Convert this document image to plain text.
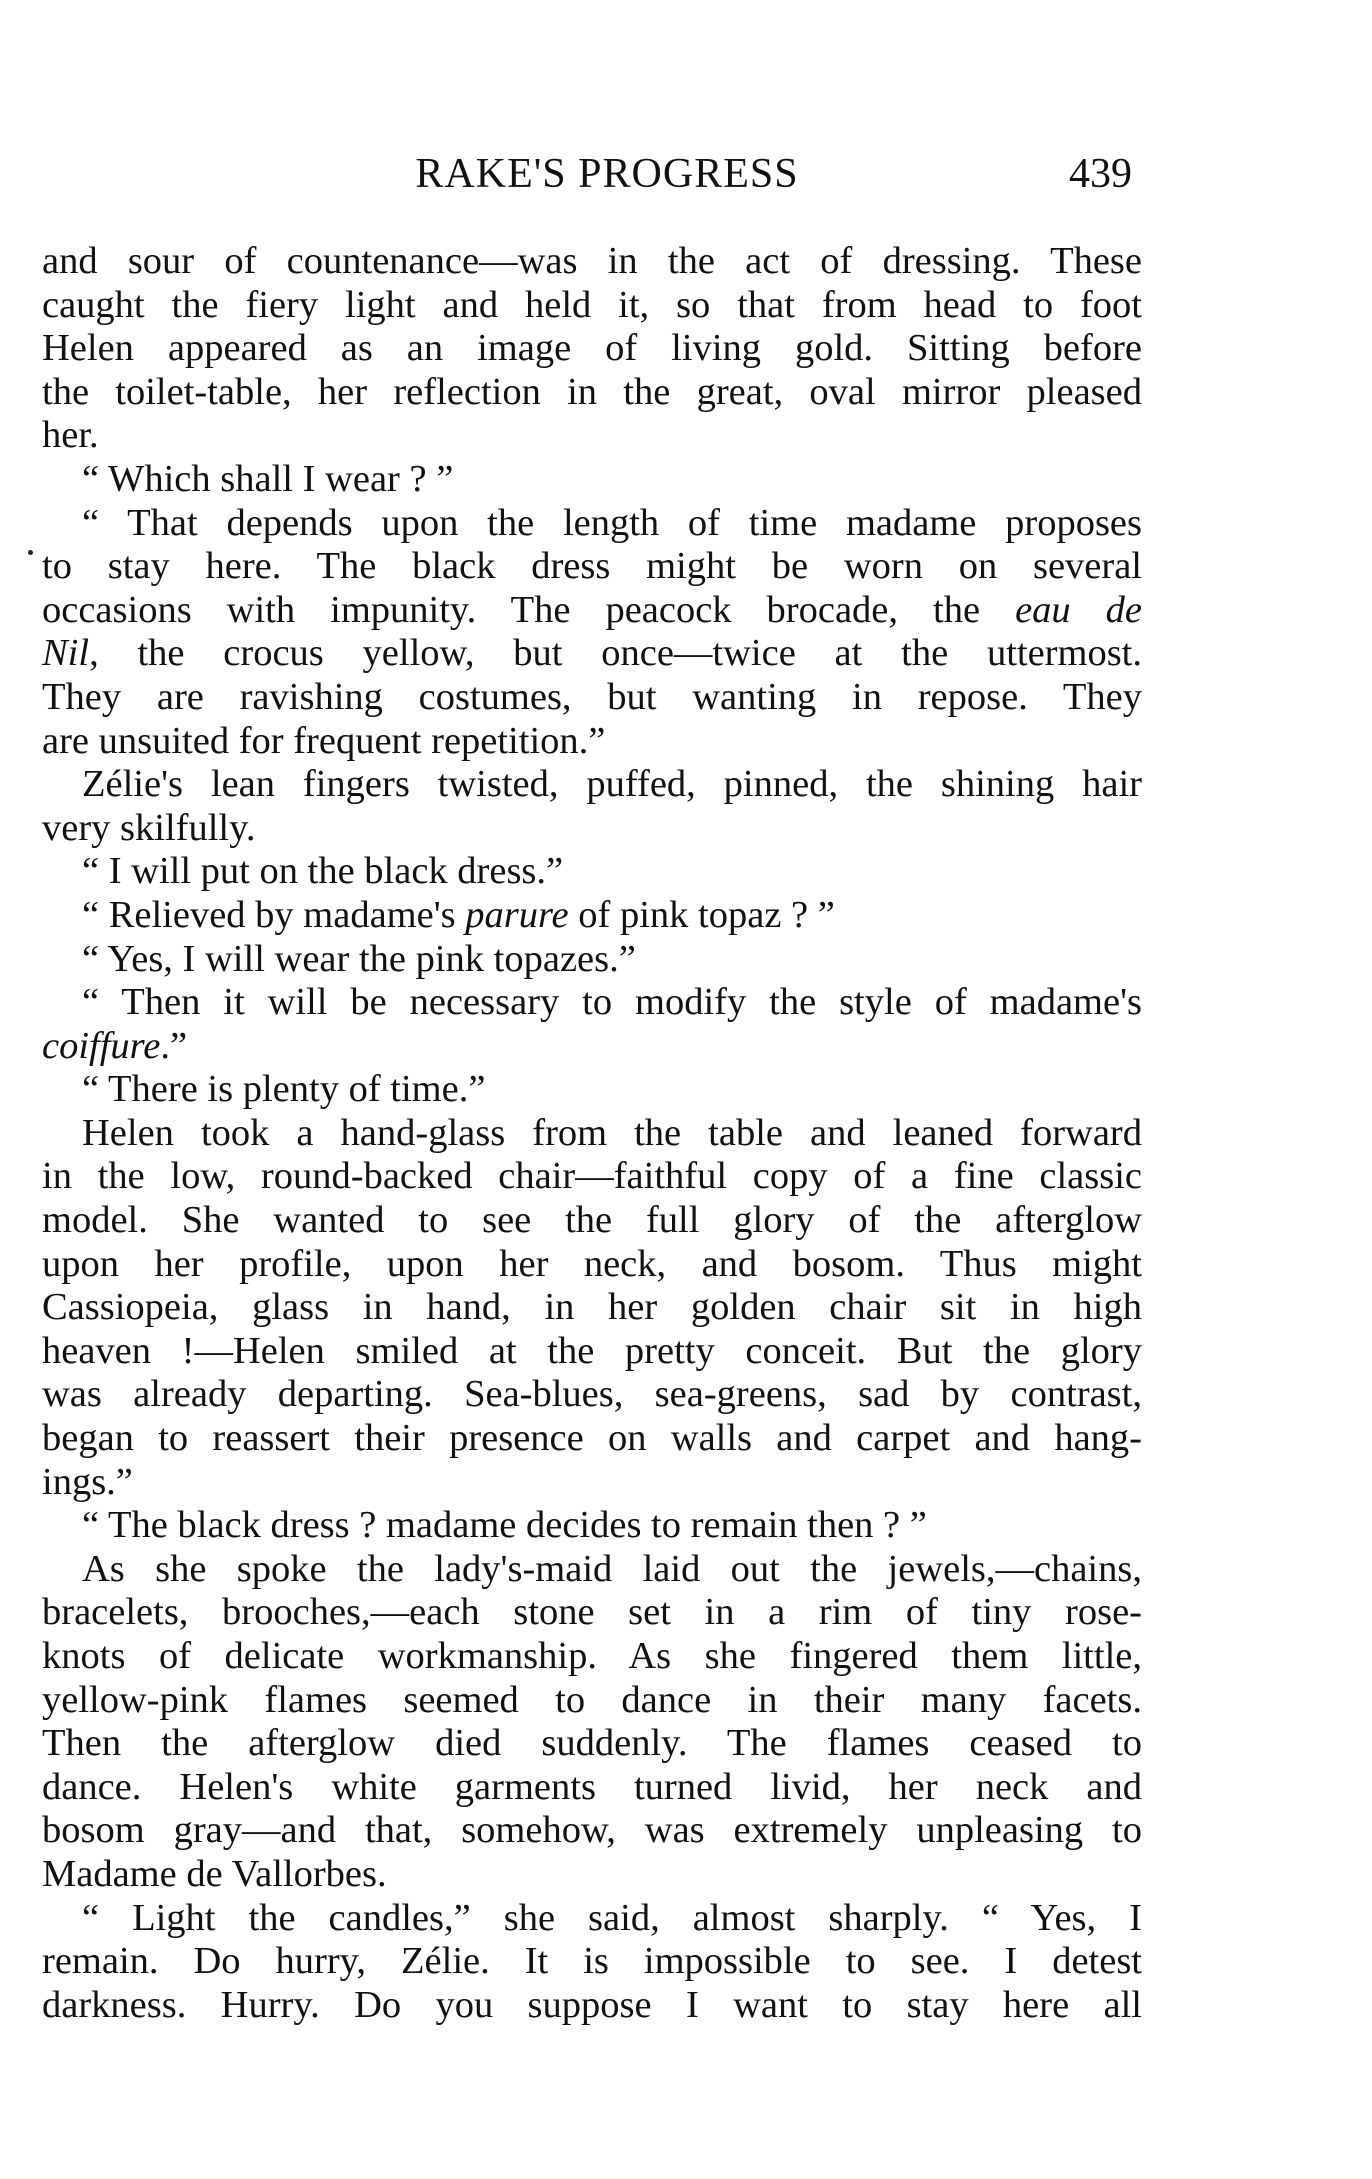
RAKE'S PROGRESS	439
and sour of countenance—was in the act of dressing. These
caught the fiery light and held it, so that from head to foot
Helen appeared as an image of living gold. Sitting before
the toilet-table, her reflection in the great, oval mirror pleased
her.
“ Which shall I wear ? ”
“ That depends upon the length of time madame proposes
to stay here. The black dress might be worn on several
occasions with impunity. The peacock brocade, the eau de
Nil, the crocus yellow, but once—twice at the uttermost.
They are ravishing costumes, but wanting in repose. They
are unsuited for frequent repetition.”
Zélie's lean fingers twisted, puffed, pinned, the shining hair
very skilfully.
“ I will put on the black dress.”
“ Relieved by madame's parure of pink topaz ? ”
“ Yes, I will wear the pink topazes.”
“ Then it will be necessary to modify the style of madame's
coiffure.”
“ There is plenty of time.”
Helen took a hand-glass from the table and leaned forward
in the low, round-backed chair—faithful copy of a fine classic
model. She wanted to see the full glory of the afterglow
upon her profile, upon her neck, and bosom. Thus might
Cassiopeia, glass in hand, in her golden chair sit in high
heaven !—Helen smiled at the pretty conceit. But the glory
was already departing. Sea-blues, sea-greens, sad by contrast,
began to reassert their presence on walls and carpet and hang-
ings.”
“ The black dress ? madame decides to remain then ? ”
As she spoke the lady's-maid laid out the jewels,—chains,
bracelets, brooches,—each stone set in a rim of tiny rose-
knots of delicate workmanship. As she fingered them little,
yellow-pink flames seemed to dance in their many facets.
Then the afterglow died suddenly. The flames ceased to
dance. Helen's white garments turned livid, her neck and
bosom gray—and that, somehow, was extremely unpleasing to
Madame de Vallorbes.
“ Light the candles,” she said, almost sharply. “ Yes, I
remain. Do hurry, Zélie. It is impossible to see. I detest
darkness. Hurry. Do you suppose I want to stay here all
